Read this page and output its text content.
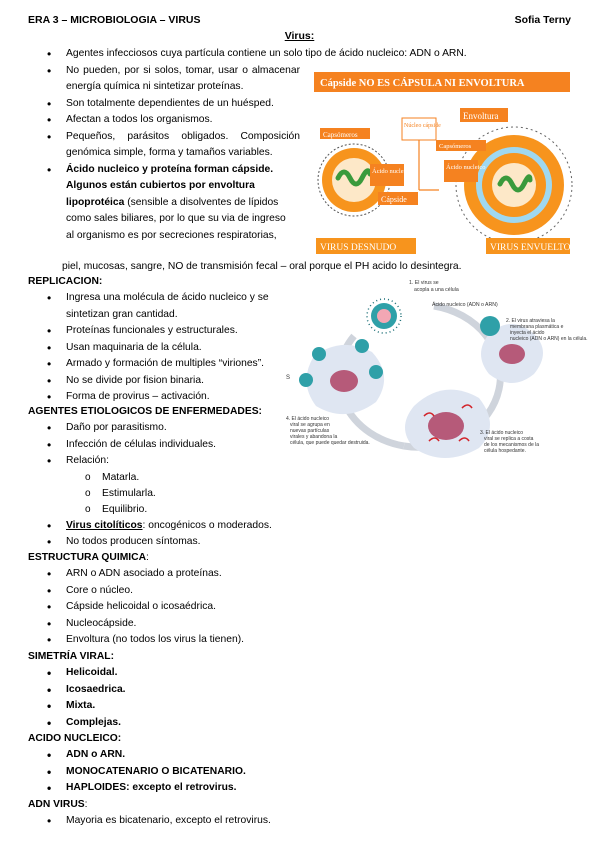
ERA 3 – MICROBIOLOGIA – VIRUS	Sofia Terny
Virus:
• Agentes infecciosos cuya partícula contiene un solo tipo de ácido nucleico: ADN o ARN.
• No pueden, por si solos, tomar, usar o almacenar energía química ni sintetizar proteínas.
• Son totalmente dependientes de un huésped.
• Afectan a todos los organismos.
• Pequeños, parásitos obligados. Composición genómica simple, forma y tamaños variables.
• Ácido nucleico y proteína forman cápside.
Algunos están cubiertos por envoltura
lipoprotéica (sensible a disolventes de lípidos
como sales biliares, por lo que su via de ingreso
al organismo es por secreciones respiratorias,
piel, mucosas, sangre, NO de transmisión fecal – oral porque el PH acido lo desintegra.
Cápside NO ES CÁPSULA NI ENVOLTURA
Capsómeros
Ácido nucleico
Cápside
Núcleo cápside
Envoltura
Capsómeros
Ácido nucleico
VIRUS DESNUDO	VIRUS ENVUELTO
REPLICACION:
• Ingresa una molécula de ácido nucleico y se
sintetizan gran cantidad.
• Proteínas funcionales y estructurales.
• Usan maquinaria de la célula.
• Armado y formación de multiples “viriones”.
• No se divide por fision binaria.
• Forma de provirus – activación.
S
1. El virus se acopla a una célula
Ácido nucleico (ADN o ARN)
2. El virus atraviesa la membrana plasmática e inyecta el ácido nucleico (ADN o ARN) en la célula.
3. El ácido nucleico viral se replica a costa de los mecanismos de la célula hospedante.
4. El ácido nucleico viral se agrupa en nuevas partículas virales y abandona la célula, que puede quedar destruida.
AGENTES ETIOLOGICOS DE ENFERMEDADES:
• Daño por parasitismo.
• Infección de células individuales.
• Relación:
o Matarla.
o Estimularla.
o Equilibrio.
• Virus citolíticos: oncogénicos o moderados.
• No todos producen síntomas.
ESTRUCTURA QUIMICA:
• ARN o ADN asociado a proteínas.
• Core o núcleo.
• Cápside helicoidal o icosaédrica.
• Nucleocápside.
• Envoltura (no todos los virus la tienen).
SIMETRÍA VIRAL:
• Helicoidal.
• Icosaedrica.
• Mixta.
• Complejas.
ACIDO NUCLEICO:
• ADN o ARN.
• MONOCATENARIO O BICATENARIO.
• HAPLOIDES: excepto el retrovirus.
ADN VIRUS:
• Mayoria es bicatenario, excepto el retrovirus.
